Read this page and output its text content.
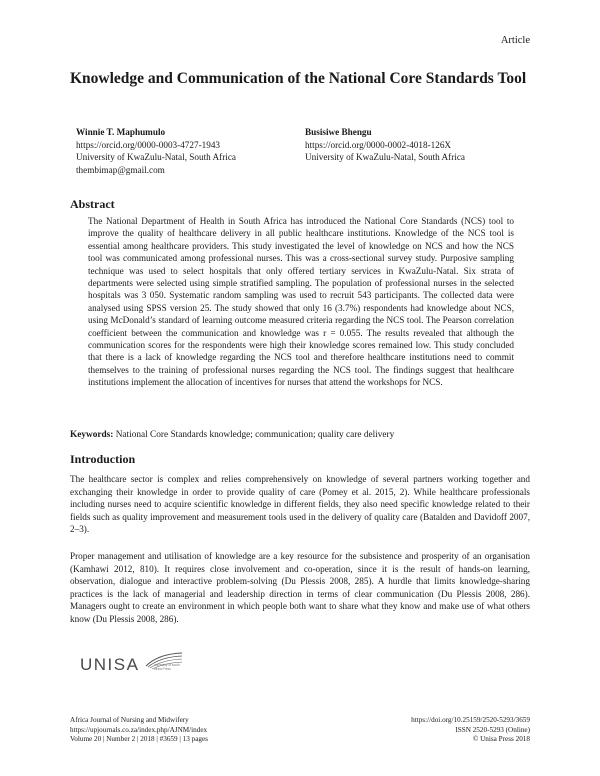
Article
Knowledge and Communication of the National Core Standards Tool
Winnie T. Maphumulo
https://orcid.org/0000-0003-4727-1943
University of KwaZulu-Natal, South Africa
thembimap@gmail.com
Busisiwe Bhengu
https://orcid.org/0000-0002-4018-126X
University of KwaZulu-Natal, South Africa
Abstract
The National Department of Health in South Africa has introduced the National Core Standards (NCS) tool to improve the quality of healthcare delivery in all public healthcare institutions. Knowledge of the NCS tool is essential among healthcare providers. This study investigated the level of knowledge on NCS and how the NCS tool was communicated among professional nurses. This was a cross-sectional survey study. Purposive sampling technique was used to select hospitals that only offered tertiary services in KwaZulu-Natal. Six strata of departments were selected using simple stratified sampling. The population of professional nurses in the selected hospitals was 3 050. Systematic random sampling was used to recruit 543 participants. The collected data were analysed using SPSS version 25. The study showed that only 16 (3.7%) respondents had knowledge about NCS, using McDonald’s standard of learning outcome measured criteria regarding the NCS tool. The Pearson correlation coefficient between the communication and knowledge was r = 0.055. The results revealed that although the communication scores for the respondents were high their knowledge scores remained low. This study concluded that there is a lack of knowledge regarding the NCS tool and therefore healthcare institutions need to commit themselves to the training of professional nurses regarding the NCS tool. The findings suggest that healthcare institutions implement the allocation of incentives for nurses that attend the workshops for NCS.
Keywords: National Core Standards knowledge; communication; quality care delivery
Introduction
The healthcare sector is complex and relies comprehensively on knowledge of several partners working together and exchanging their knowledge in order to provide quality of care (Pomey et al. 2015, 2). While healthcare professionals including nurses need to acquire scientific knowledge in different fields, they also need specific knowledge related to their fields such as quality improvement and measurement tools used in the delivery of quality care (Batalden and Davidoff 2007, 2–3).
Proper management and utilisation of knowledge are a key resource for the subsistence and prosperity of an organisation (Kamhawi 2012, 810). It requires close involvement and co-operation, since it is the result of hands-on learning, observation, dialogue and interactive problem-solving (Du Plessis 2008, 285). A hurdle that limits knowledge-sharing practices is the lack of managerial and leadership direction in terms of clear communication (Du Plessis 2008, 286). Managers ought to create an environment in which people both want to share what they know and make use of what others know (Du Plessis 2008, 286).
UNISA	university of south africa Press
Africa Journal of Nursing and Midwifery
https://upjournals.co.za/index.php/AJNM/index
Volume 20 | Number 2 | 2018 | #3659 | 13 pages
https://doi.org/10.25159/2520-5293/3659
ISSN 2520-5293 (Online)
© Unisa Press 2018
